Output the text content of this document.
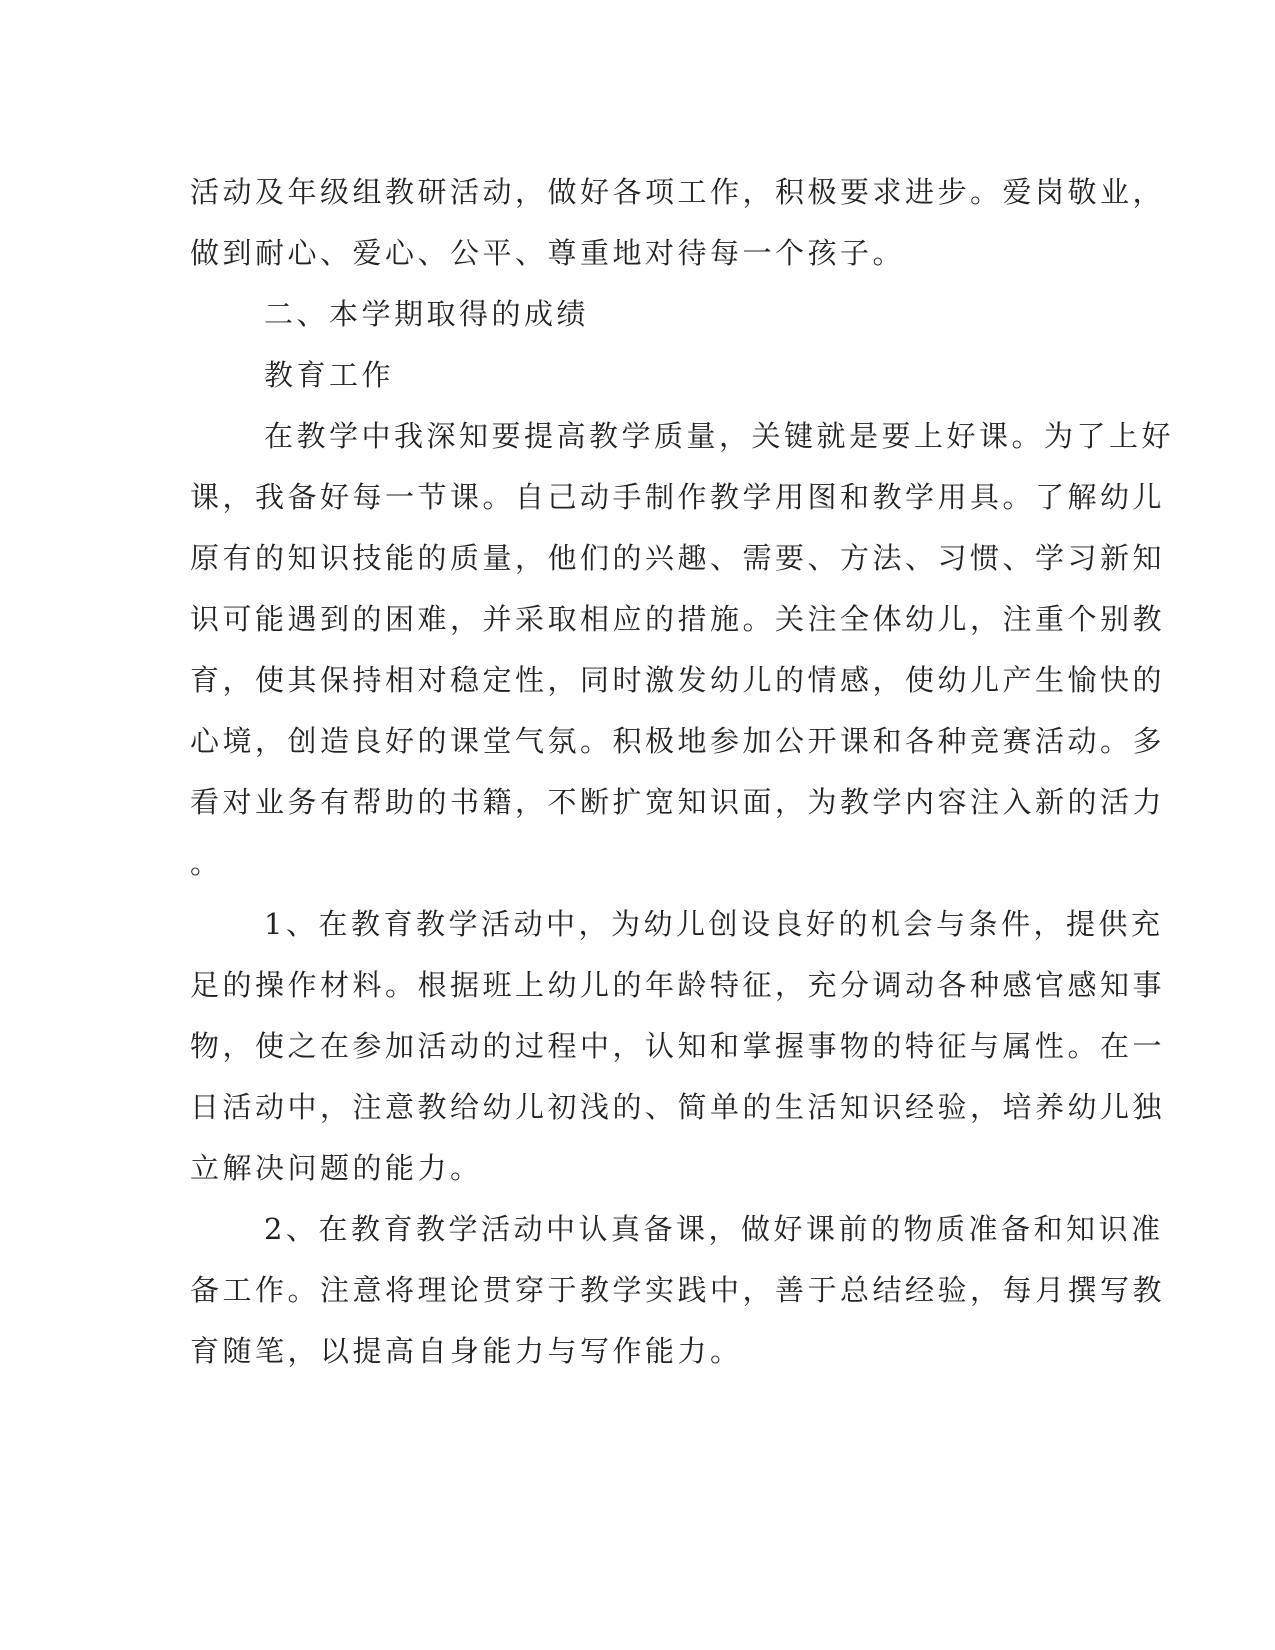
活动及年级组教研活动，做好各项工作，积极要求进步。爱岗敬业，
做到耐心、爱心、公平、尊重地对待每一个孩子。
二、本学期取得的成绩
教育工作
在教学中我深知要提高教学质量，关键就是要上好课。为了上好
课，我备好每一节课。自己动手制作教学用图和教学用具。了解幼儿
原有的知识技能的质量，他们的兴趣、需要、方法、习惯、学习新知
识可能遇到的困难，并采取相应的措施。关注全体幼儿，注重个别教
育，使其保持相对稳定性，同时激发幼儿的情感，使幼儿产生愉快的
心境，创造良好的课堂气氛。积极地参加公开课和各种竞赛活动。多
看对业务有帮助的书籍，不断扩宽知识面，为教学内容注入新的活力
。
1、在教育教学活动中，为幼儿创设良好的机会与条件，提供充
足的操作材料。根据班上幼儿的年龄特征，充分调动各种感官感知事
物，使之在参加活动的过程中，认知和掌握事物的特征与属性。在一
日活动中，注意教给幼儿初浅的、简单的生活知识经验，培养幼儿独
立解决问题的能力。
2、在教育教学活动中认真备课，做好课前的物质准备和知识准
备工作。注意将理论贯穿于教学实践中，善于总结经验，每月撰写教
育随笔，以提高自身能力与写作能力。
